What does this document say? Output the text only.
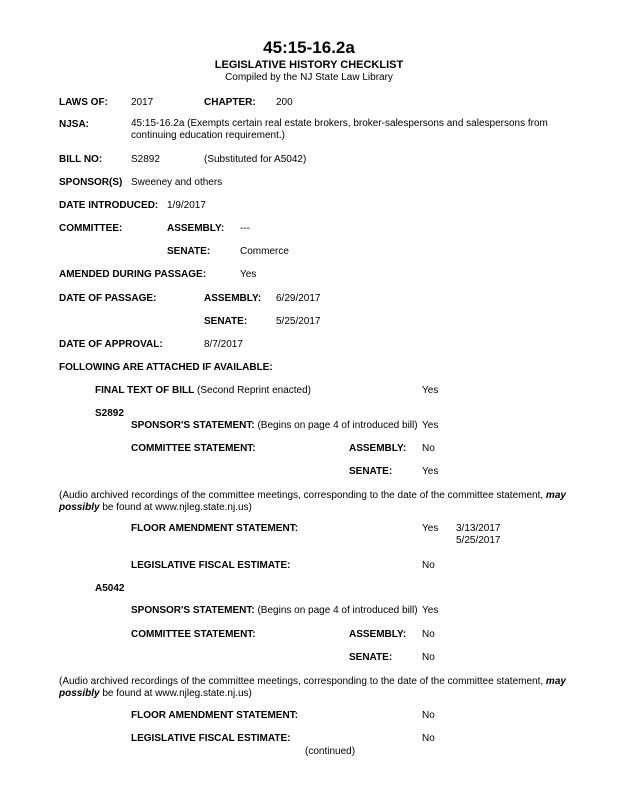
45:15-16.2a
LEGISLATIVE HISTORY CHECKLIST
Compiled by the NJ State Law Library
LAWS OF: 2017	CHAPTER: 200
NJSA:	45:15-16.2a (Exempts certain real estate brokers, broker-salespersons and salespersons from continuing education requirement.)
BILL NO:	S2892	(Substituted for A5042)
SPONSOR(S) Sweeney and others
DATE INTRODUCED: 1/9/2017
COMMITTEE:	ASSEMBLY: ---
SENATE:	Commerce
AMENDED DURING PASSAGE:	Yes
DATE OF PASSAGE:	ASSEMBLY: 6/29/2017
SENATE:	5/25/2017
DATE OF APPROVAL:	8/7/2017
FOLLOWING ARE ATTACHED IF AVAILABLE:
FINAL TEXT OF BILL (Second Reprint enacted)	Yes
S2892
SPONSOR'S STATEMENT: (Begins on page 4 of introduced bill) Yes
COMMITTEE STATEMENT:	ASSEMBLY: No
SENATE:	Yes
(Audio archived recordings of the committee meetings, corresponding to the date of the committee statement, may possibly be found at www.njleg.state.nj.us)
FLOOR AMENDMENT STATEMENT:	Yes 3/13/2017
5/25/2017
LEGISLATIVE FISCAL ESTIMATE:	No
A5042
SPONSOR'S STATEMENT: (Begins on page 4 of introduced bill) Yes
COMMITTEE STATEMENT:	ASSEMBLY: No
SENATE:	No
(Audio archived recordings of the committee meetings, corresponding to the date of the committee statement, may possibly be found at www.njleg.state.nj.us)
FLOOR AMENDMENT STATEMENT:	No
LEGISLATIVE FISCAL ESTIMATE:	No
(continued)
